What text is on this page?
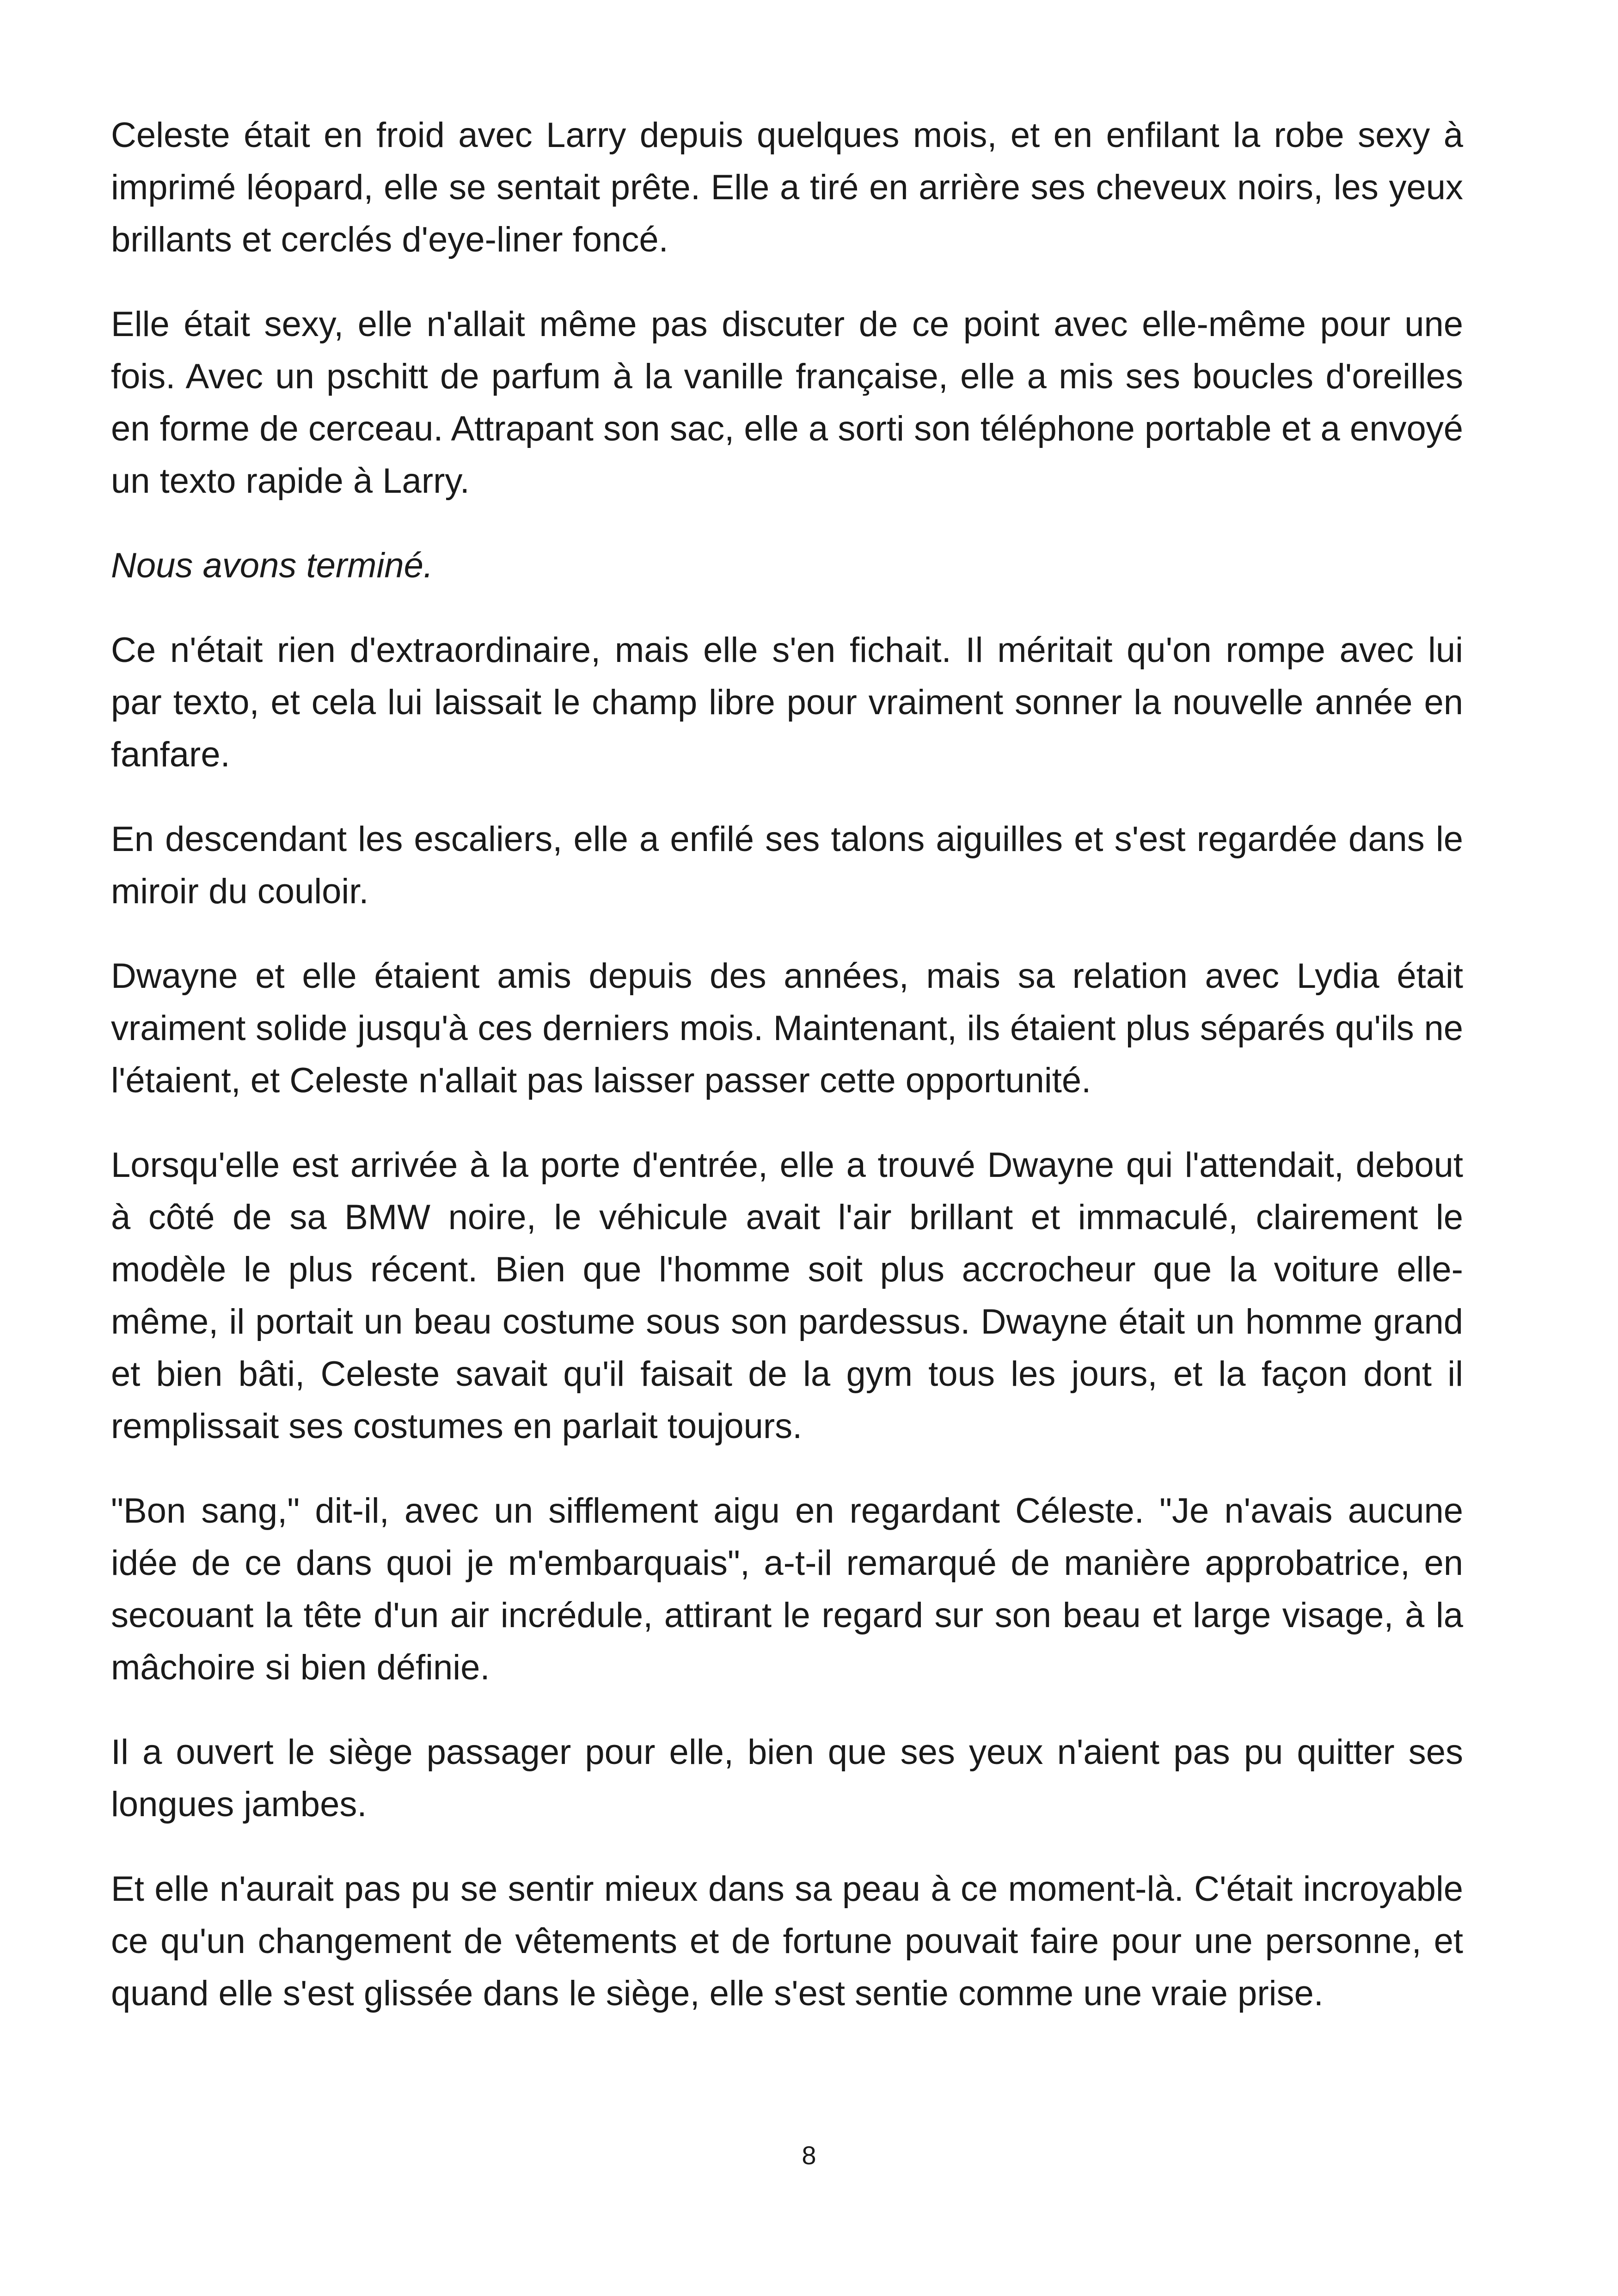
Celeste était en froid avec Larry depuis quelques mois, et en enfilant la robe sexy à imprimé léopard, elle se sentait prête. Elle a tiré en arrière ses cheveux noirs, les yeux brillants et cerclés d'eye-liner foncé.

Elle était sexy, elle n'allait même pas discuter de ce point avec elle-même pour une fois. Avec un pschitt de parfum à la vanille française, elle a mis ses boucles d'oreilles en forme de cerceau. Attrapant son sac, elle a sorti son téléphone portable et a envoyé un texto rapide à Larry.

Nous avons terminé.

Ce n'était rien d'extraordinaire, mais elle s'en fichait. Il méritait qu'on rompe avec lui par texto, et cela lui laissait le champ libre pour vraiment sonner la nouvelle année en fanfare.

En descendant les escaliers, elle a enfilé ses talons aiguilles et s'est regardée dans le miroir du couloir.

Dwayne et elle étaient amis depuis des années, mais sa relation avec Lydia était vraiment solide jusqu'à ces derniers mois. Maintenant, ils étaient plus séparés qu'ils ne l'étaient, et Celeste n'allait pas laisser passer cette opportunité.

Lorsqu'elle est arrivée à la porte d'entrée, elle a trouvé Dwayne qui l'attendait, debout à côté de sa BMW noire, le véhicule avait l'air brillant et immaculé, clairement le modèle le plus récent. Bien que l'homme soit plus accrocheur que la voiture elle-même, il portait un beau costume sous son pardessus. Dwayne était un homme grand et bien bâti, Celeste savait qu'il faisait de la gym tous les jours, et la façon dont il remplissait ses costumes en parlait toujours.

"Bon sang," dit-il, avec un sifflement aigu en regardant Céleste. "Je n'avais aucune idée de ce dans quoi je m'embarquais", a-t-il remarqué de manière approbatrice, en secouant la tête d'un air incrédule, attirant le regard sur son beau et large visage, à la mâchoire si bien définie.

Il a ouvert le siège passager pour elle, bien que ses yeux n'aient pas pu quitter ses longues jambes.

Et elle n'aurait pas pu se sentir mieux dans sa peau à ce moment-là. C'était incroyable ce qu'un changement de vêtements et de fortune pouvait faire pour une personne, et quand elle s'est glissée dans le siège, elle s'est sentie comme une vraie prise.

8
